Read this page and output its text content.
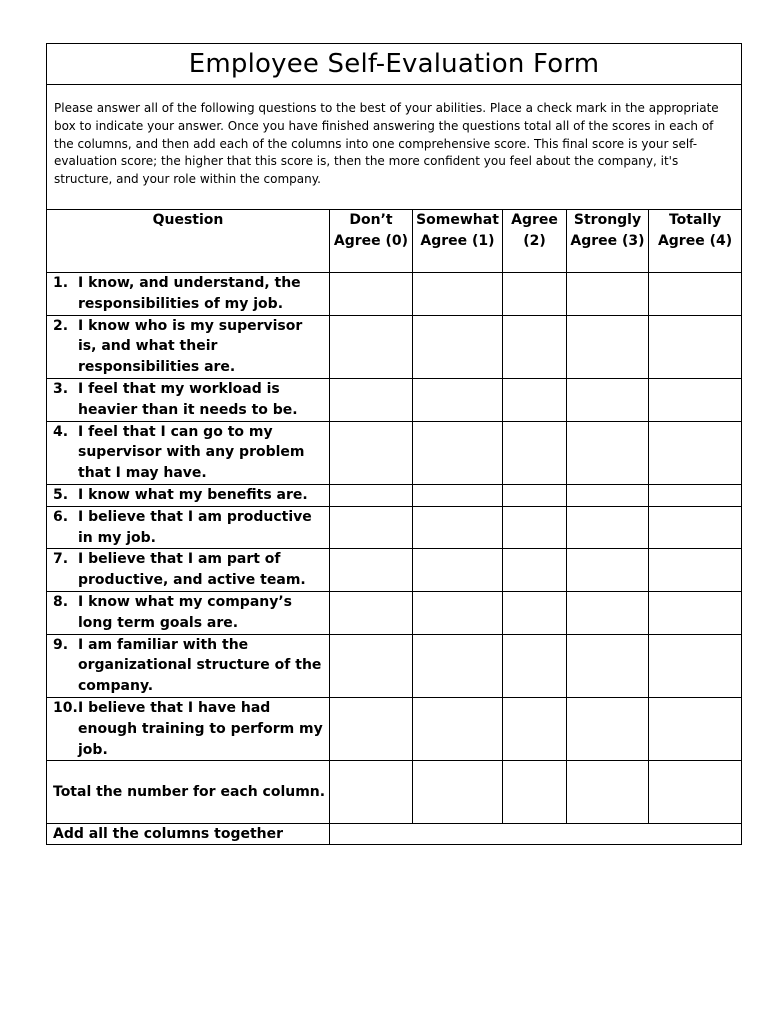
Employee Self-Evaluation Form					
Please answer all of the following questions to the best of your abilities. Place a check mark in the appropriate box to indicate your answer. Once you have finished answering the questions total all of the scores in each of the columns, and then add each of the columns into one comprehensive score. This final score is your self-evaluation score; the higher that this score is, then the more confident you feel about the company, it's structure, and your role within the company.					
Question	Don’t Agree (0)	Somewhat Agree (1)	Agree (2)	Strongly Agree (3)	Totally Agree (4)

1. I know, and understand, the responsibilities of my job.					

2. I know who is my supervisor is, and what their responsibilities are.					

3. I feel that my workload is heavier than it needs to be.					

4. I feel that I can go to my supervisor with any problem that I may have.					

5. I know what my benefits are.					

6. I believe that I am productive in my job.					

7. I believe that I am part of productive, and active team.					

8. I know what my company’s long term goals are.					

9. I am familiar with the organizational structure of the company.					

10. I believe that I have had enough training to perform my job.					

Total the number for each column.					
Add all the columns together					
